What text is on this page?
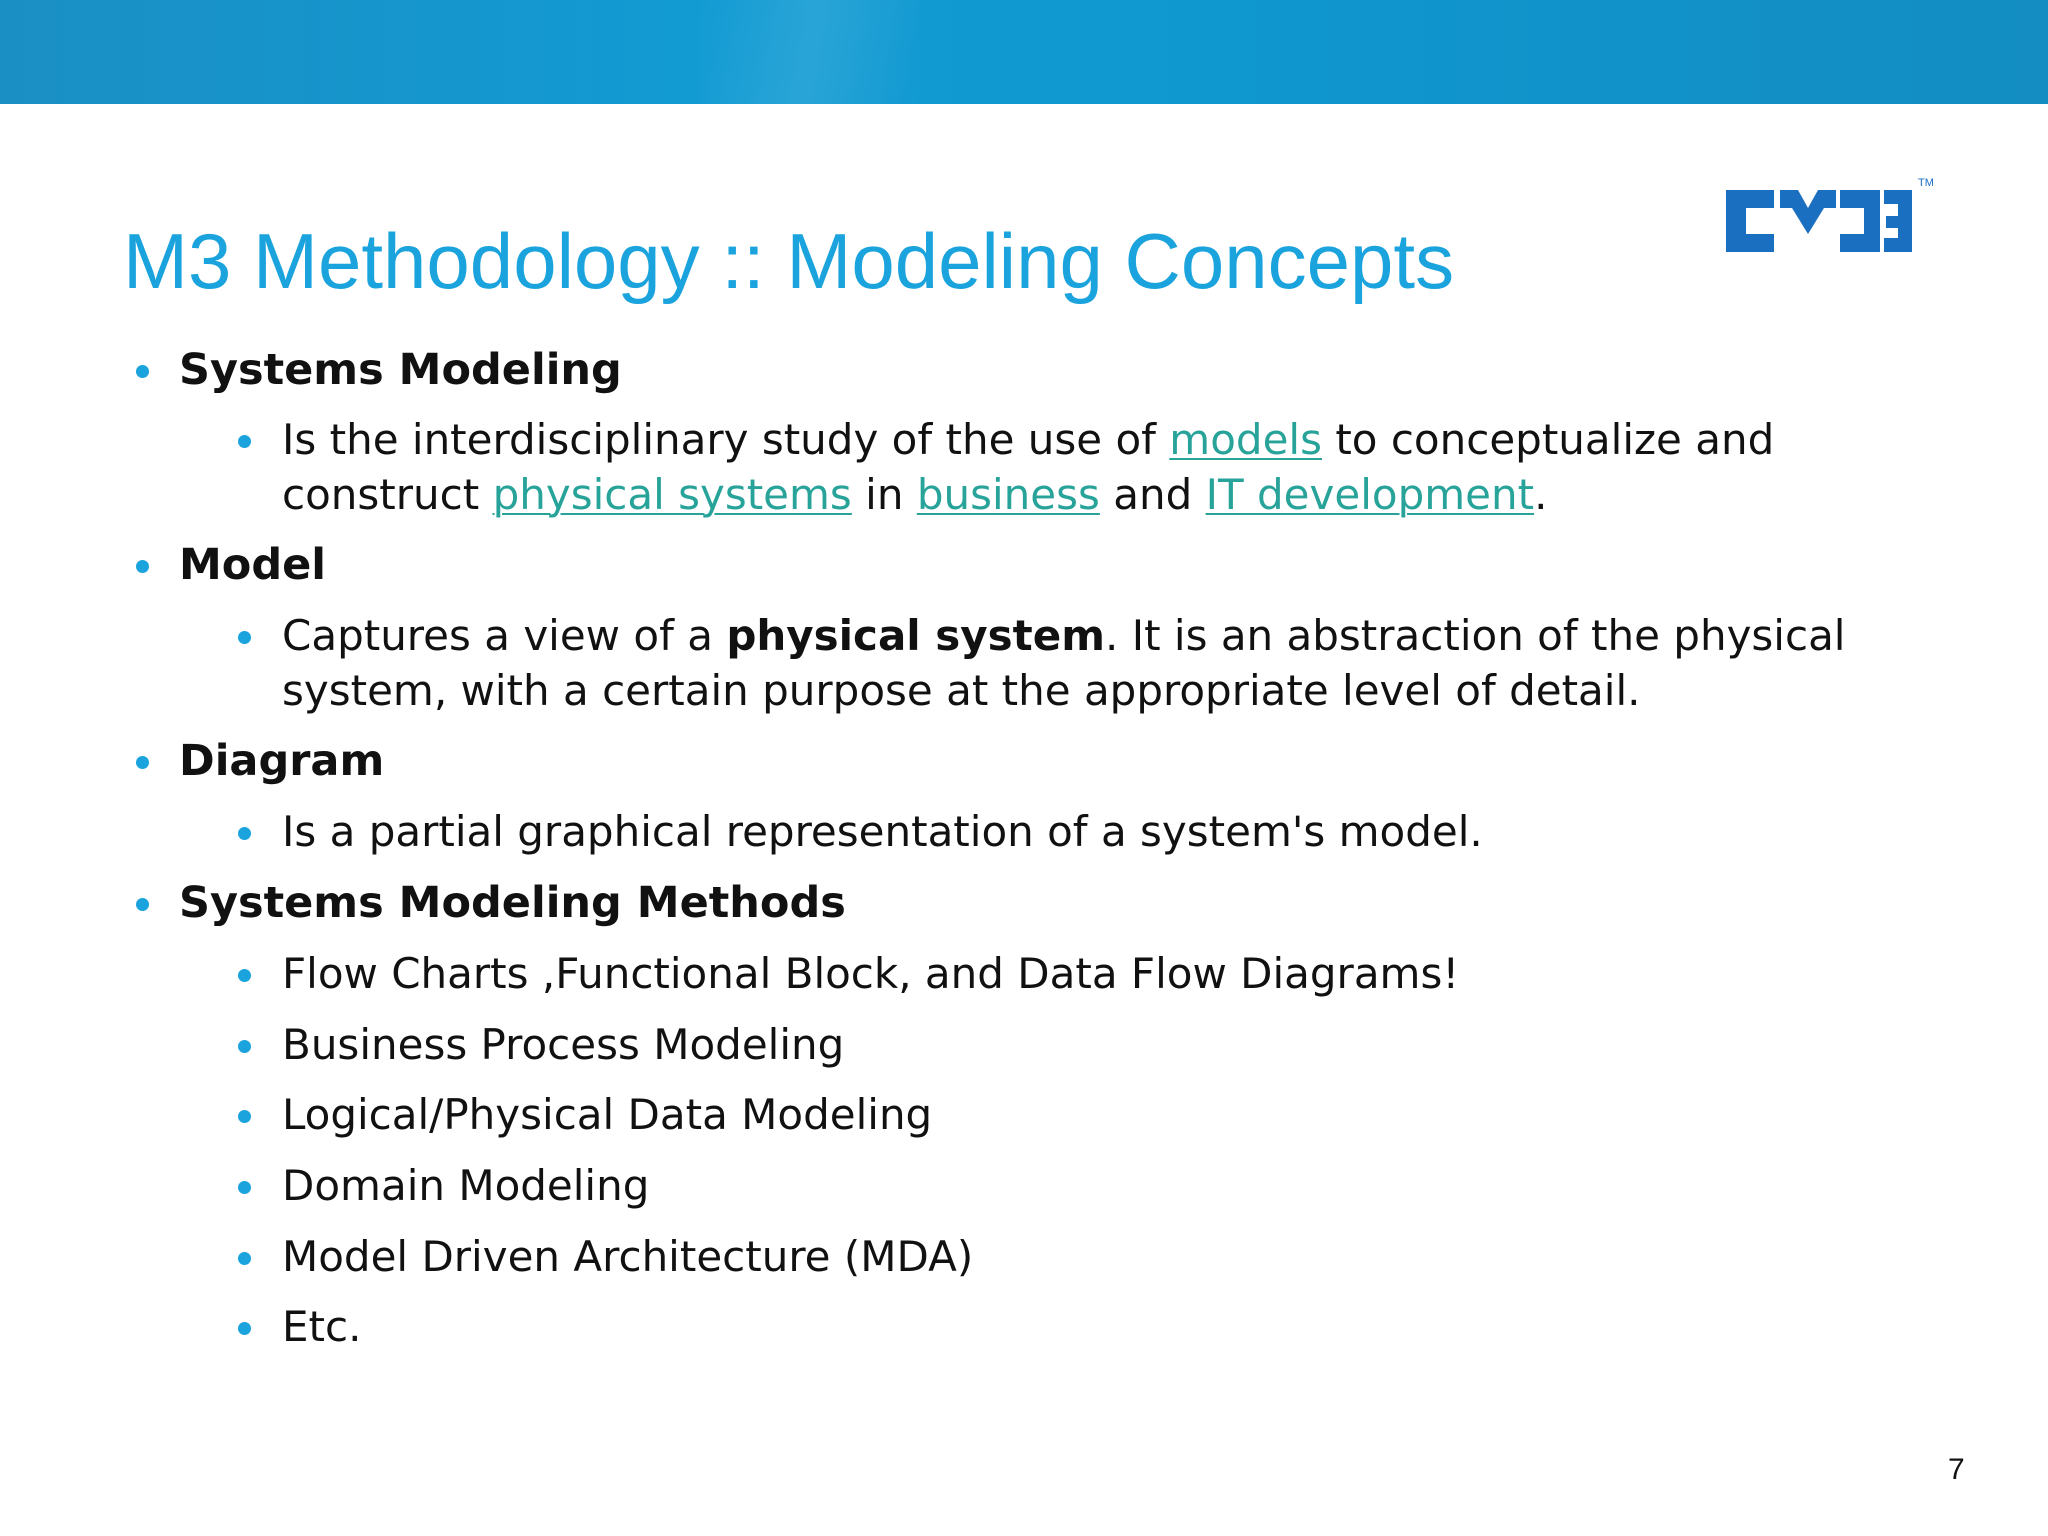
M3 Methodology :: Modeling Concepts
TM
Systems Modeling
Is the interdisciplinary study of the use of models to conceptualize and
construct physical systems in business and IT development.
Model
Captures a view of a physical system. It is an abstraction of the physical
system, with a certain purpose at the appropriate level of detail.
Diagram
Is a partial graphical representation of a system's model.
Systems Modeling Methods
Flow Charts ,Functional Block, and Data Flow Diagrams!
Business Process Modeling
Logical/Physical Data Modeling
Domain Modeling
Model Driven Architecture (MDA)
Etc.
7
